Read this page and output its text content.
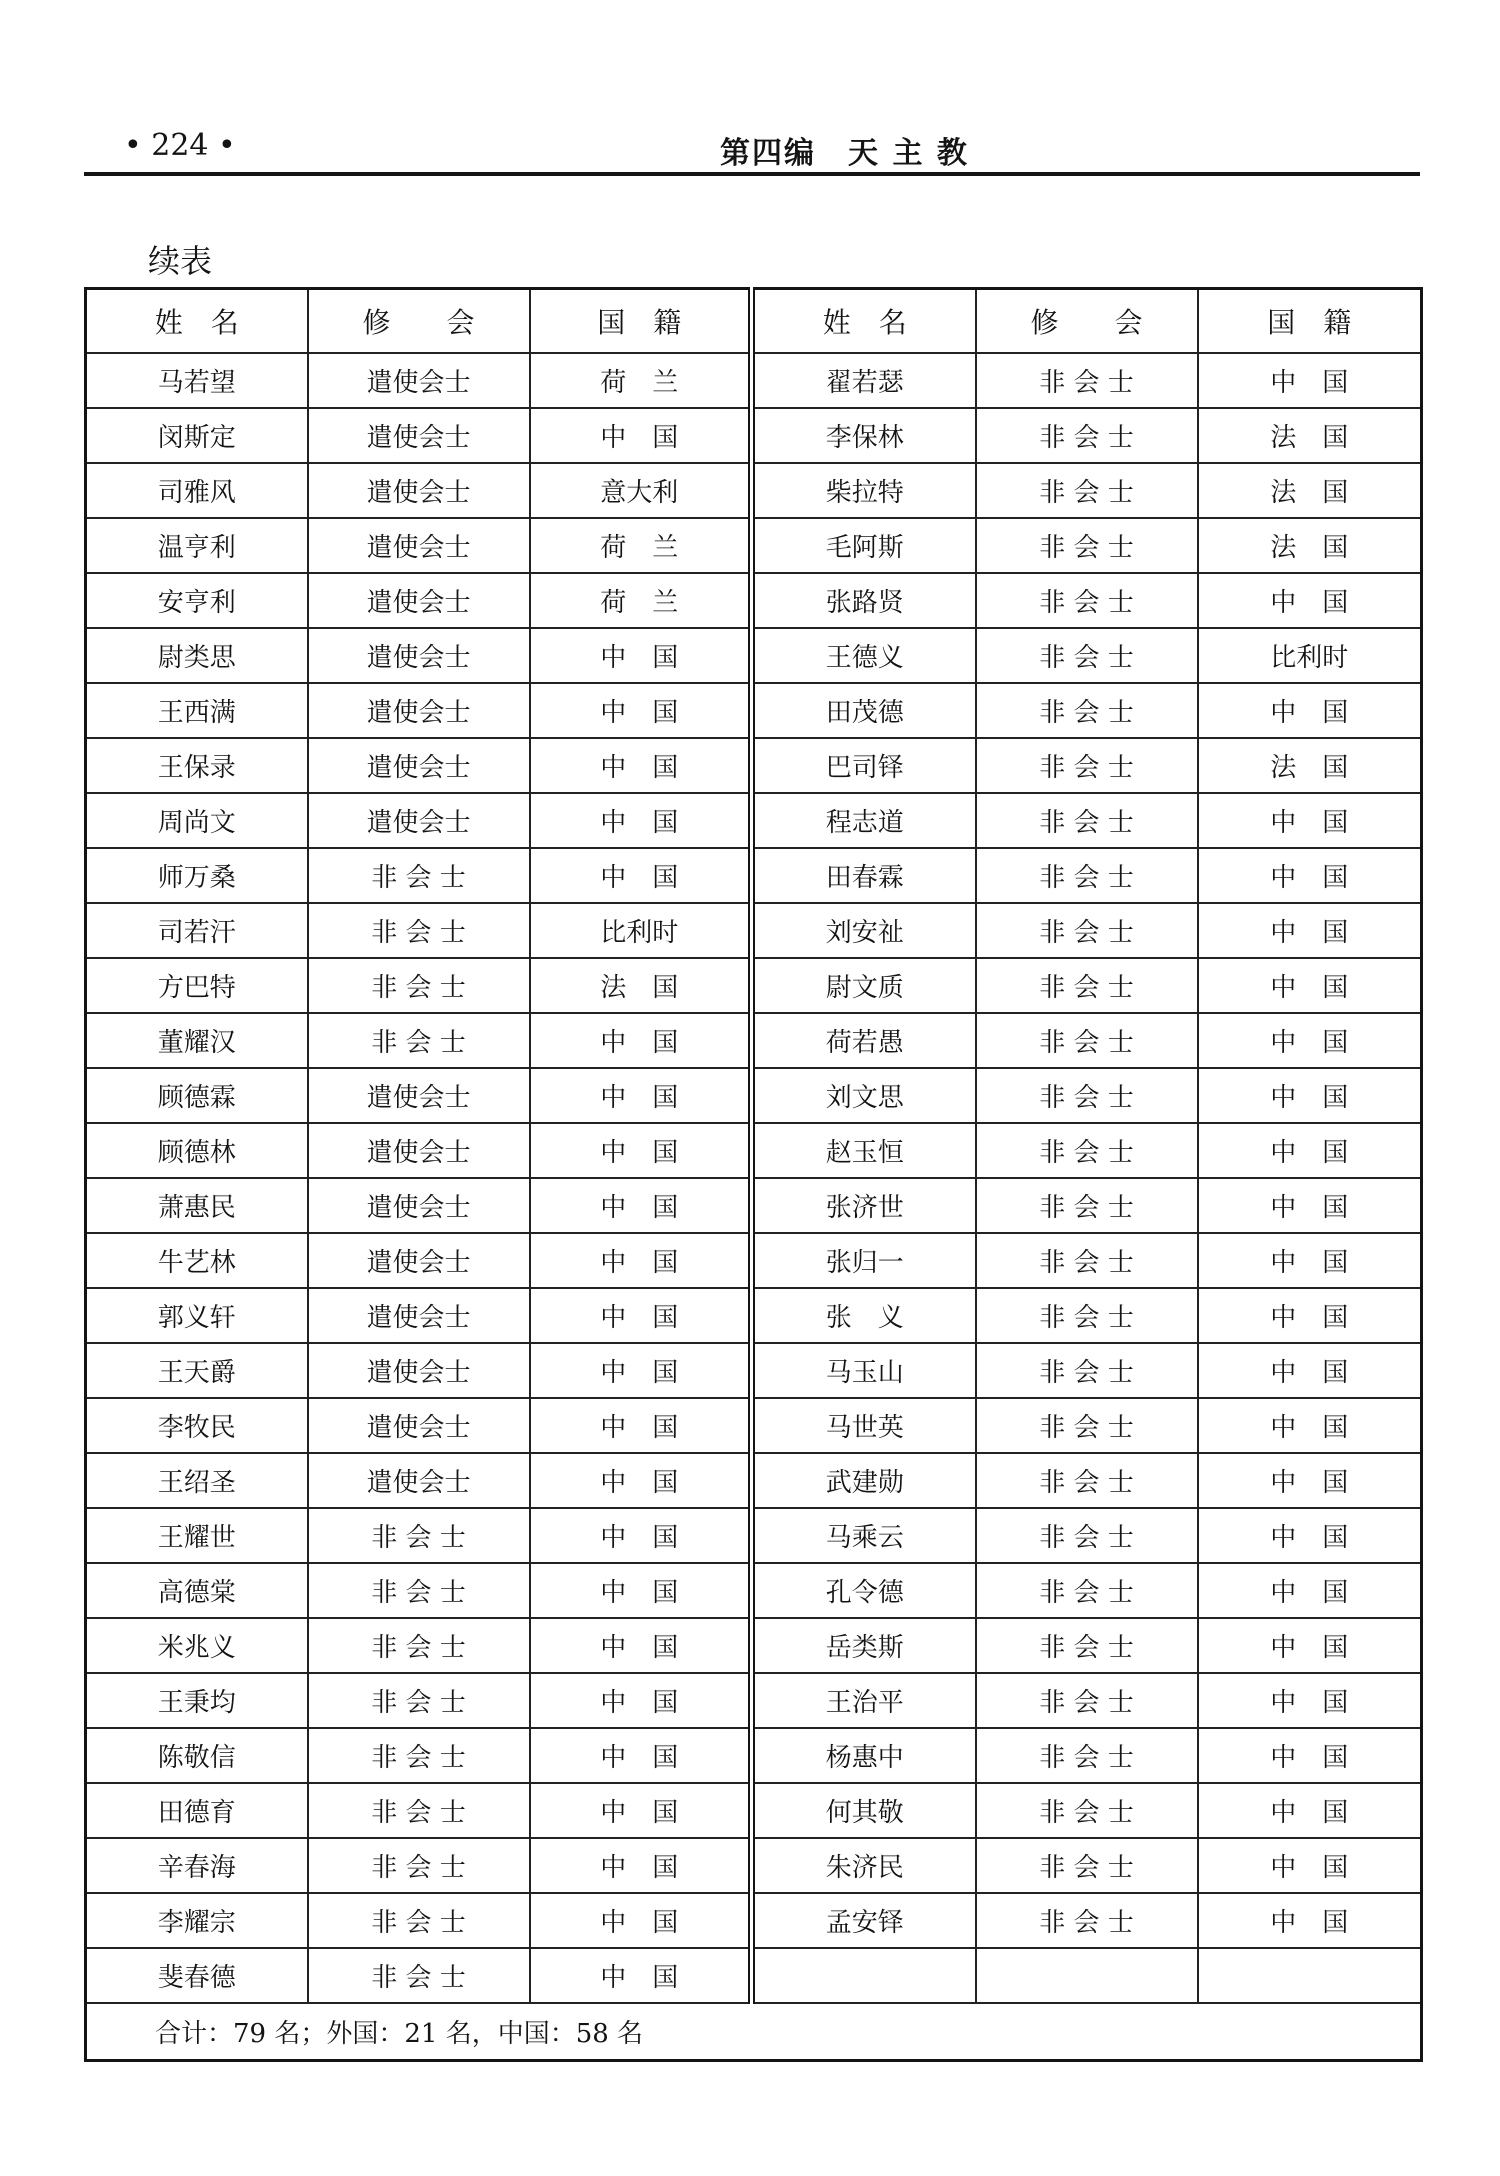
• 224 •	第四编　天 主 教
续表
姓　名	修　　会	国　籍	姓　名	修　　会	国　籍
马若望	遣使会士	荷　兰	翟若瑟	非 会 士	中　国
闵斯定	遣使会士	中　国	李保林	非 会 士	法　国
司雅风	遣使会士	意大利	柴拉特	非 会 士	法　国
温亨利	遣使会士	荷　兰	毛阿斯	非 会 士	法　国
安亨利	遣使会士	荷　兰	张路贤	非 会 士	中　国
尉类思	遣使会士	中　国	王德义	非 会 士	比利时
王西满	遣使会士	中　国	田茂德	非 会 士	中　国
王保录	遣使会士	中　国	巴司铎	非 会 士	法　国
周尚文	遣使会士	中　国	程志道	非 会 士	中　国
师万桑	非 会 士	中　国	田春霖	非 会 士	中　国
司若汗	非 会 士	比利时	刘安祉	非 会 士	中　国
方巴特	非 会 士	法　国	尉文质	非 会 士	中　国
董耀汉	非 会 士	中　国	荷若愚	非 会 士	中　国
顾德霖	遣使会士	中　国	刘文思	非 会 士	中　国
顾德林	遣使会士	中　国	赵玉恒	非 会 士	中　国
萧惠民	遣使会士	中　国	张济世	非 会 士	中　国
牛艺林	遣使会士	中　国	张归一	非 会 士	中　国
郭义轩	遣使会士	中　国	张　义	非 会 士	中　国
王天爵	遣使会士	中　国	马玉山	非 会 士	中　国
李牧民	遣使会士	中　国	马世英	非 会 士	中　国
王绍圣	遣使会士	中　国	武建勋	非 会 士	中　国
王耀世	非 会 士	中　国	马乘云	非 会 士	中　国
高德棠	非 会 士	中　国	孔令德	非 会 士	中　国
米兆义	非 会 士	中　国	岳类斯	非 会 士	中　国
王秉均	非 会 士	中　国	王治平	非 会 士	中　国
陈敬信	非 会 士	中　国	杨惠中	非 会 士	中　国
田德育	非 会 士	中　国	何其敬	非 会 士	中　国
辛春海	非 会 士	中　国	朱济民	非 会 士	中　国
李耀宗	非 会 士	中　国	孟安铎	非 会 士	中　国
斐春德	非 会 士	中　国			
合计：79 名；外国：21 名，中国：58 名					
